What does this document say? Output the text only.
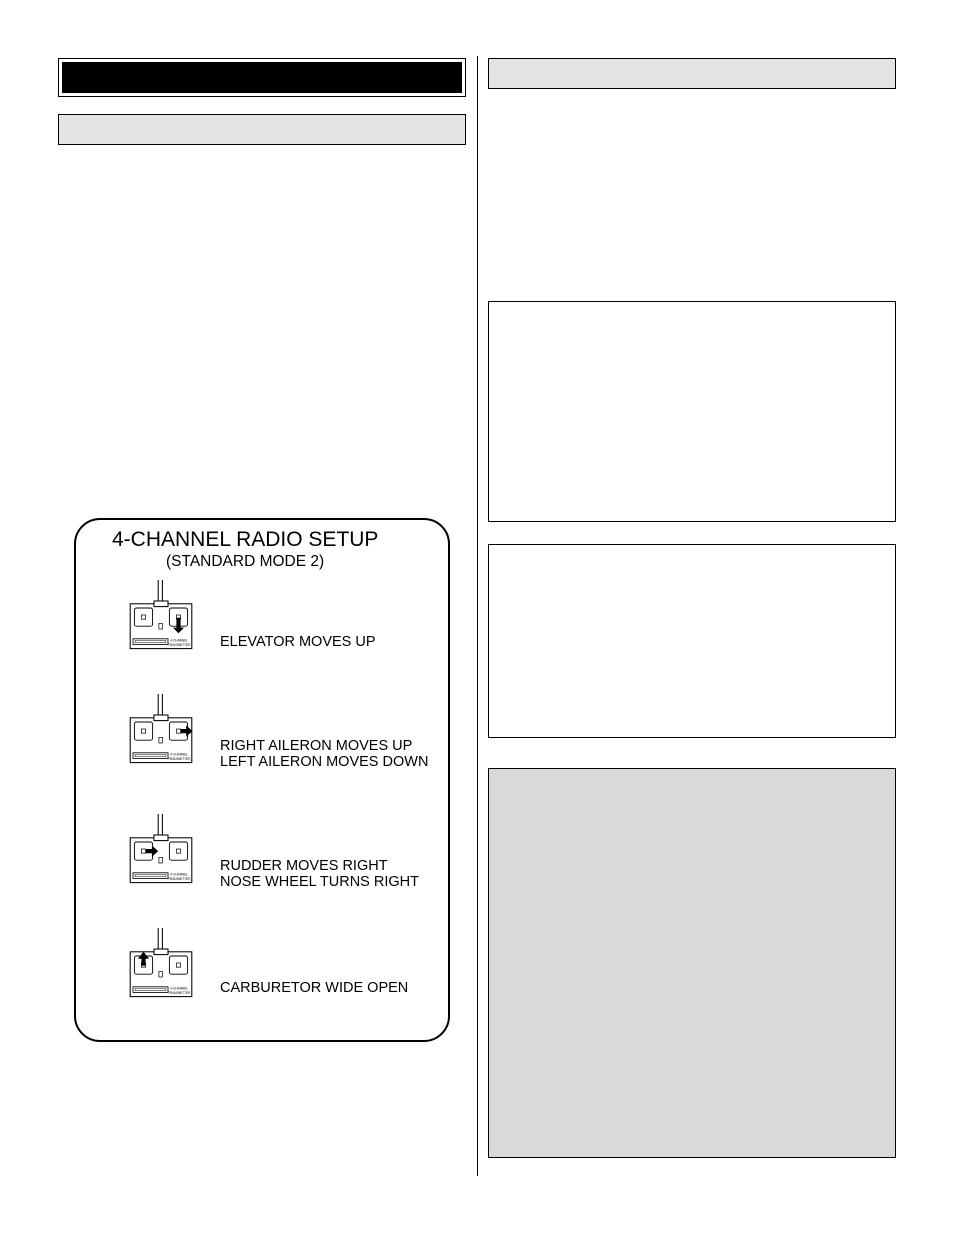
4-CHANNEL RADIO SETUP
(STANDARD MODE 2)
4-CHANNEL
TRANSMITTER ELEVATOR MOVES UP
4-CHANNEL
TRANSMITTER
RIGHT AILERON MOVES UP
LEFT AILERON MOVES DOWN
4-CHANNEL
TRANSMITTER
RUDDER MOVES RIGHT
NOSE WHEEL TURNS RIGHT
4-CHANNEL
TRANSMITTER CARBURETOR WIDE OPEN
